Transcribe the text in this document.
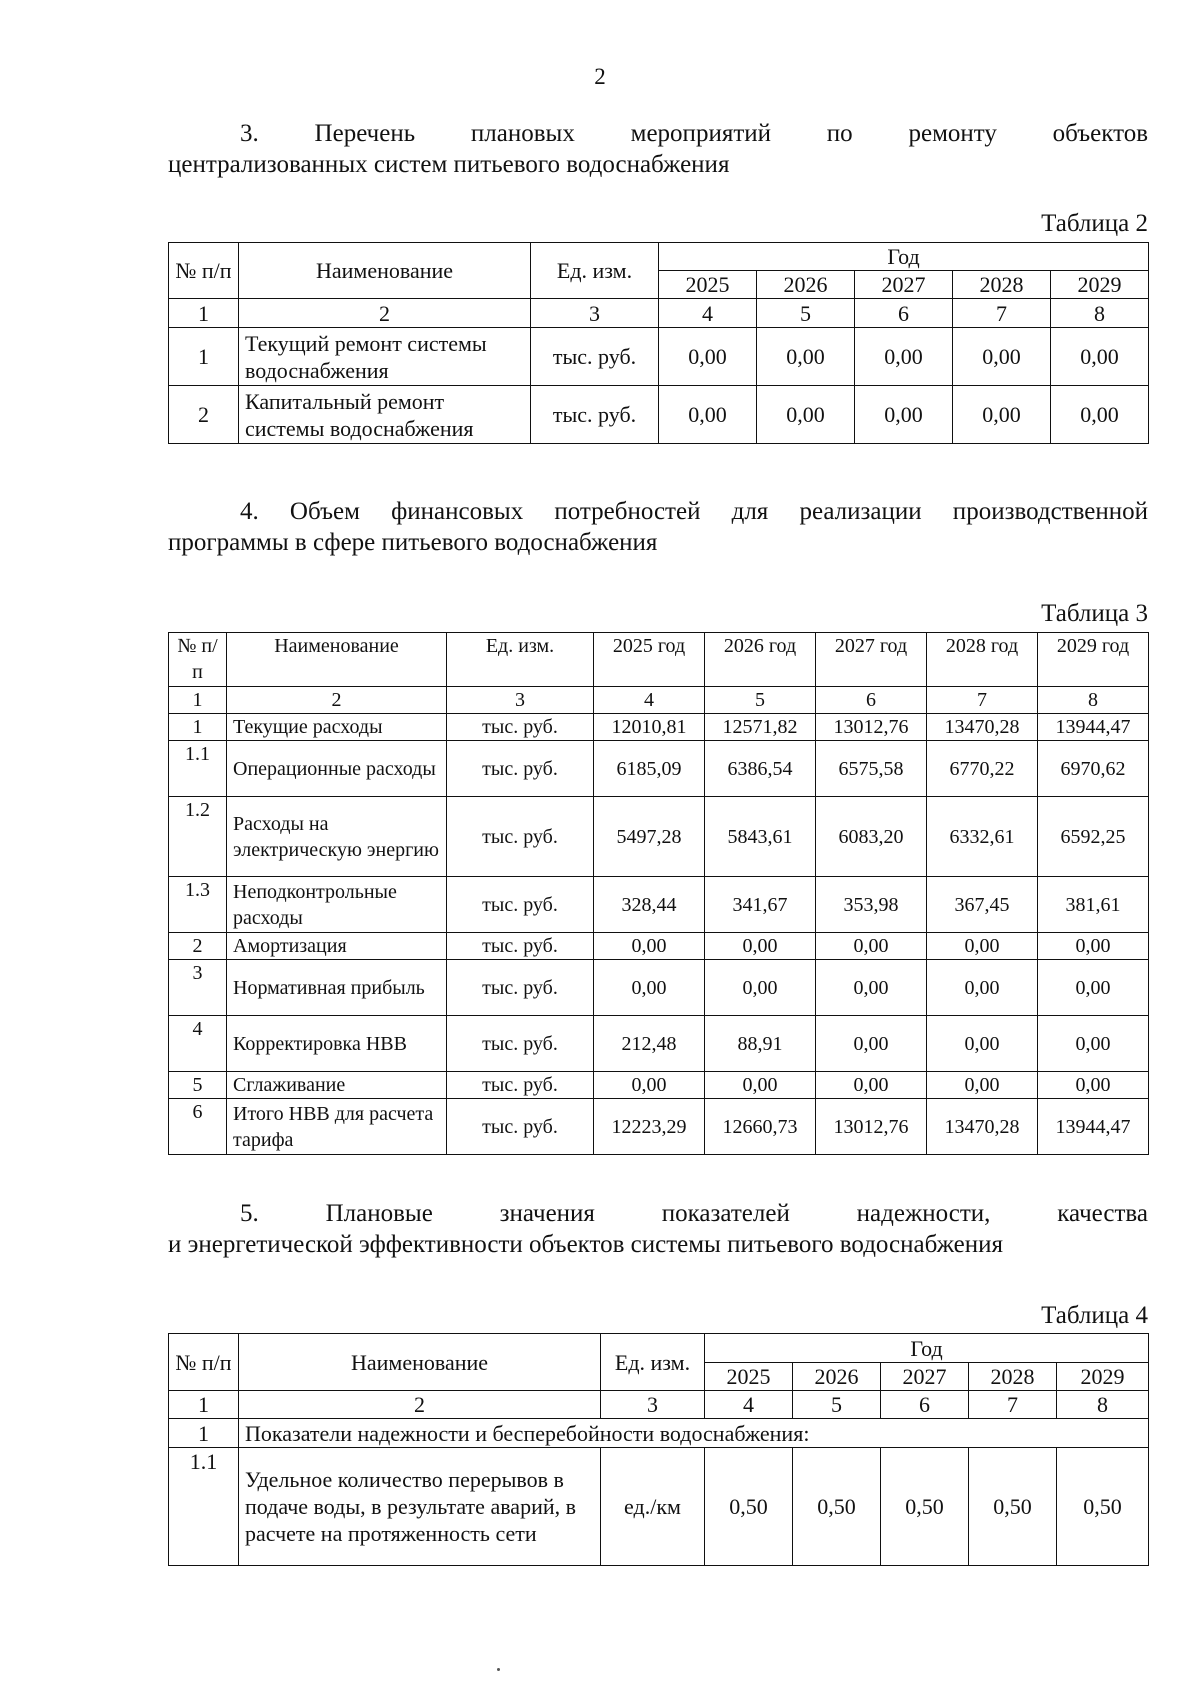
2
3. Перечень плановых мероприятий по ремонту объектов
централизованных систем питьевого водоснабжения
Таблица 2
№ п/п	Наименование	Ед. изм.	Год				
			2025	2026	2027	2028	2029
1	2	3	4	5	6	7	8
1	Текущий ремонт системы водоснабжения	тыс. руб.	0,00	0,00	0,00	0,00	0,00
2	Капитальный ремонт системы водоснабжения	тыс. руб.	0,00	0,00	0,00	0,00	0,00
4. Объем финансовых потребностей для реализации производственной
программы в сфере питьевого водоснабжения
Таблица 3
№ п/п	Наименование	Ед. изм.	2025 год	2026 год	2027 год	2028 год	2029 год
1	2	3	4	5	6	7	8
1	Текущие расходы	тыс. руб.	12010,81	12571,82	13012,76	13470,28	13944,47
1.1	Операционные расходы	тыс. руб.	6185,09	6386,54	6575,58	6770,22	6970,62
1.2	Расходы на электрическую энергию	тыс. руб.	5497,28	5843,61	6083,20	6332,61	6592,25
1.3	Неподконтрольные расходы	тыс. руб.	328,44	341,67	353,98	367,45	381,61
2	Амортизация	тыс. руб.	0,00	0,00	0,00	0,00	0,00
3	Нормативная прибыль	тыс. руб.	0,00	0,00	0,00	0,00	0,00
4	Корректировка НВВ	тыс. руб.	212,48	88,91	0,00	0,00	0,00
5	Сглаживание	тыс. руб.	0,00	0,00	0,00	0,00	0,00
6	Итого НВВ для расчета тарифа	тыс. руб.	12223,29	12660,73	13012,76	13470,28	13944,47
5. Плановые значения показателей надежности, качества
и энергетической эффективности объектов системы питьевого водоснабжения
Таблица 4
№ п/п	Наименование	Ед. изм.	Год				
			2025	2026	2027	2028	2029
1	2	3	4	5	6	7	8
1	Показатели надежности и бесперебойности водоснабжения:						
1.1	Удельное количество перерывов в подаче воды, в результате аварий, в расчете на протяженность сети	ед./км	0,50	0,50	0,50	0,50	0,50
